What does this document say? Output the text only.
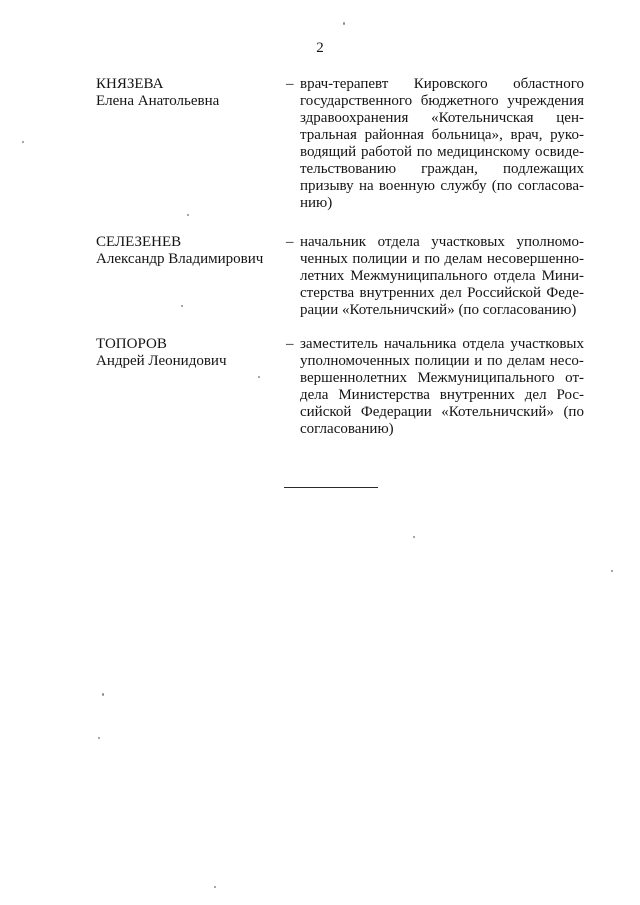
2
КНЯЗЕВА
Елена Анатольевна
– врач-терапевт Кировского областного
государственного бюджетного учреждения
здравоохранения «Котельничская цен-
тральная районная больница», врач, руко-
водящий работой по медицинскому освиде-
тельствованию граждан, подлежащих
призыву на военную службу (по согласова-
нию)
СЕЛЕЗЕНЕВ
Александр Владимирович
– начальник отдела участковых уполномо-
ченных полиции и по делам несовершенно-
летних Межмуниципального отдела Мини-
стерства внутренних дел Российской Феде-
рации «Котельничский» (по согласованию)
ТОПОРОВ
Андрей Леонидович
– заместитель начальника отдела участковых
уполномоченных полиции и по делам несо-
вершеннолетних Межмуниципального от-
дела Министерства внутренних дел Рос-
сийской Федерации «Котельничский» (по
согласованию)
